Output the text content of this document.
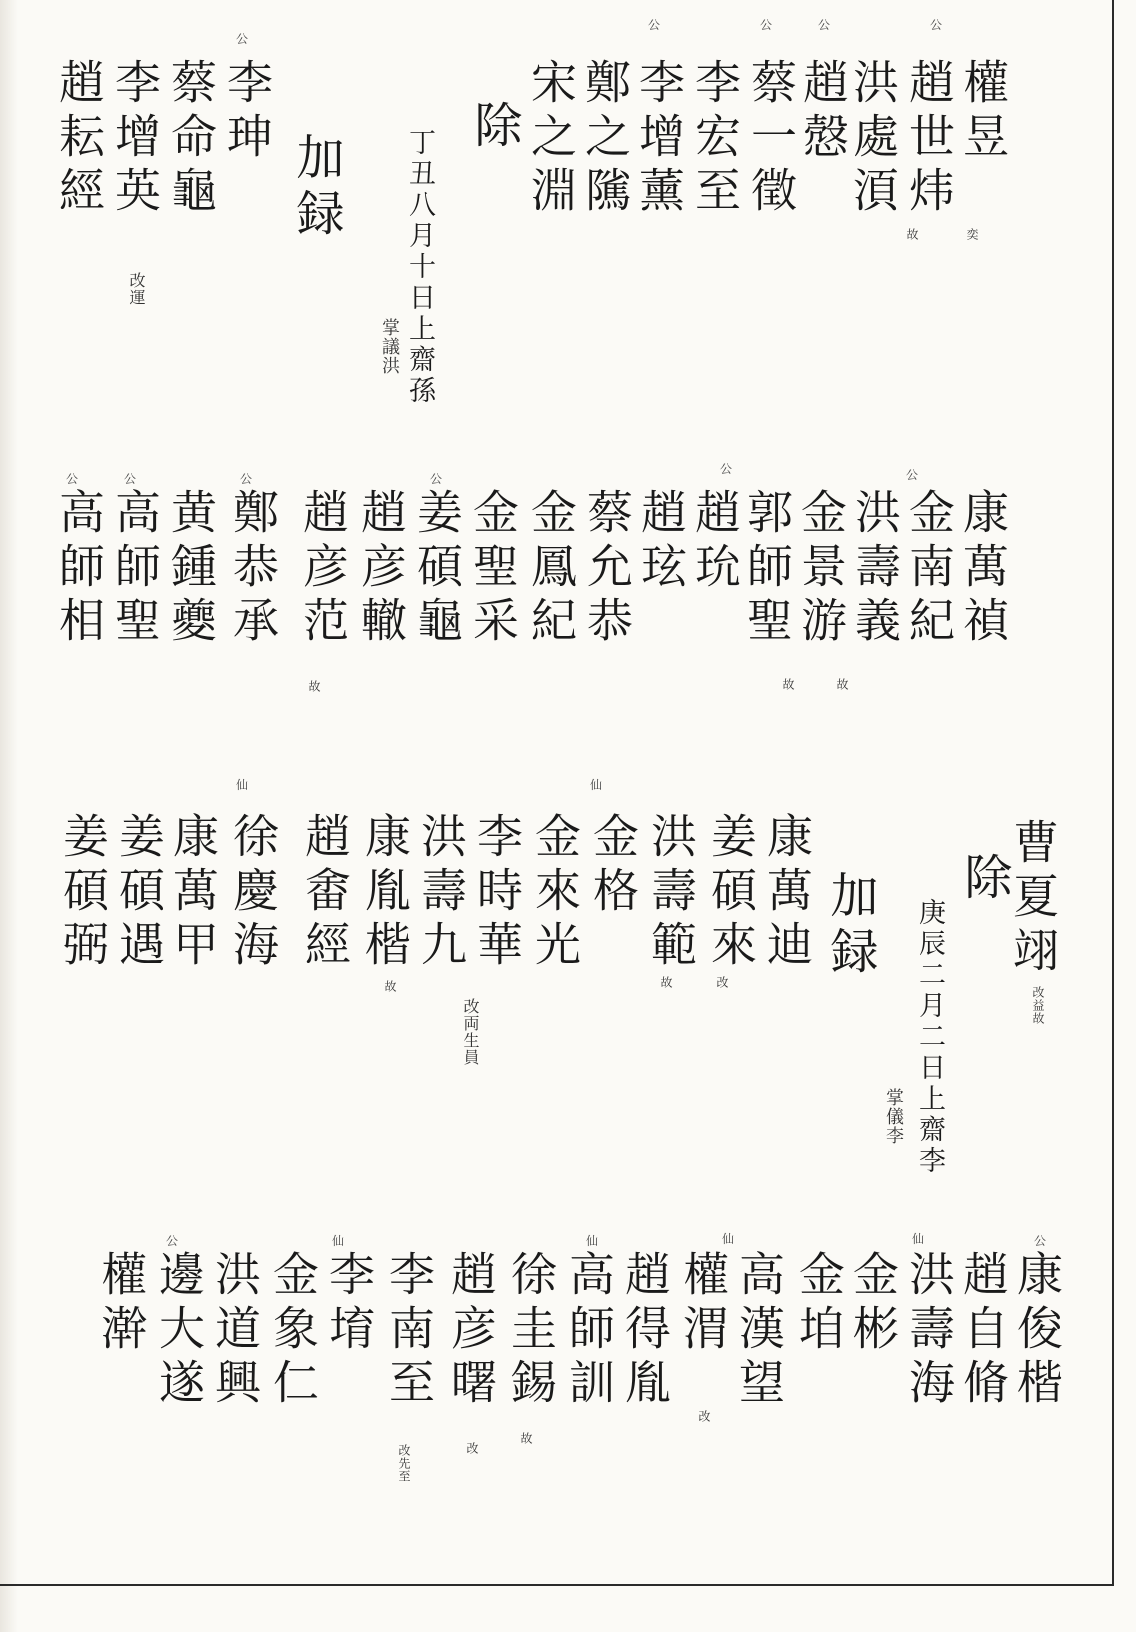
權昱
趙世炜
奕
公
洪處湏
故
趙慤
公
蔡一徵
公
李宏至
李增薰
公
鄭之隲
宋之淵
除
丁丑八月十日上齋孫
掌議洪
加録
李珅
公
蔡命龜
李增英
改運
趙耘經
康萬禎
金南紀
洪壽義
公
金景游
故
郭師聖
故
趙玧
公
趙玹
蔡允恭
金鳳紀
金聖采
姜碩龜
公
趙彦轍
趙彦范
故
鄭恭承
公
黄鍾夔
高師聖
公
高師相
公
曹夏翊
改益故
除
庚辰二月二日上齋李
掌儀李
加録
康萬迪
姜碩來
改
洪壽範
故
金格
仙
金來光
李時華
改両生員
洪壽九
康胤楷
故
趙畬經
徐慶海
仙
康萬甲
姜碩遇
姜碩弼
康俊楷
公
趙自脩
洪壽海
仙
金彬
金垍
高漢望
仙
權渭
改
趙得胤
仙
高師訓
徐圭錫
故
趙彦曙
改
李南至
改先至
仙
李堉
金象仁
洪道興
公
邊大遂
權澣
